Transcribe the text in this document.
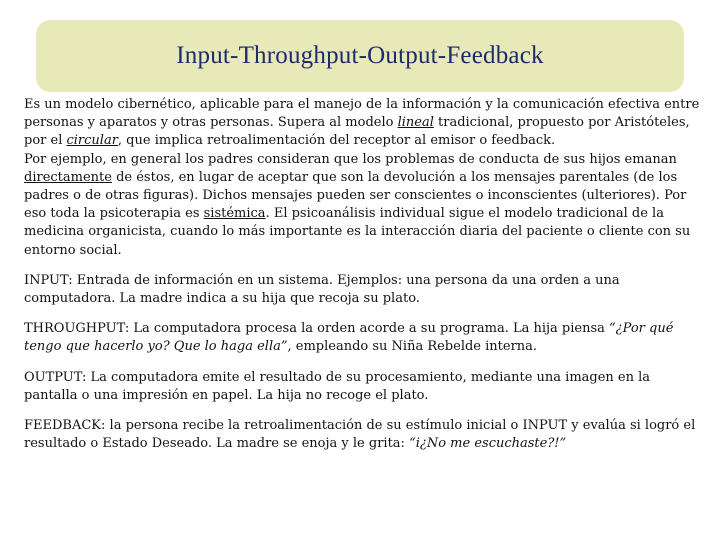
Input-Throughput-Output-Feedback

Es un modelo cibernético, aplicable para el manejo de la información y la comunicación efectiva entre personas y aparatos y otras personas. Supera al modelo lineal tradicional, propuesto por Aristóteles, por el circular, que implica retroalimentación del receptor al emisor o feedback.

Por ejemplo, en general los padres consideran que los problemas de conducta de sus hijos emanan directamente de éstos, en lugar de aceptar que son la devolución a los mensajes parentales (de los padres o de otras figuras). Dichos mensajes pueden ser conscientes o inconscientes (ulteriores). Por eso toda la psicoterapia es sistémica. El psicoanálisis individual sigue el modelo tradicional de la medicina organicista, cuando lo más importante es la interacción diaria del paciente o cliente con su entorno social.

INPUT: Entrada de información en un sistema. Ejemplos: una persona da una orden a una computadora. La madre indica a su hija que recoja su plato.

THROUGHPUT: La computadora procesa la orden acorde a su programa. La hija piensa “¿Por qué tengo que hacerlo yo? Que lo haga ella”, empleando su Niña Rebelde interna.

OUTPUT: La computadora emite el resultado de su procesamiento, mediante una imagen en la pantalla o una impresión en papel. La hija no recoge el plato.

FEEDBACK: la persona recibe la retroalimentación de su estímulo inicial o INPUT y evalúa si logró el resultado o Estado Deseado. La madre se enoja y le grita: “i¿No me escuchaste?!”
